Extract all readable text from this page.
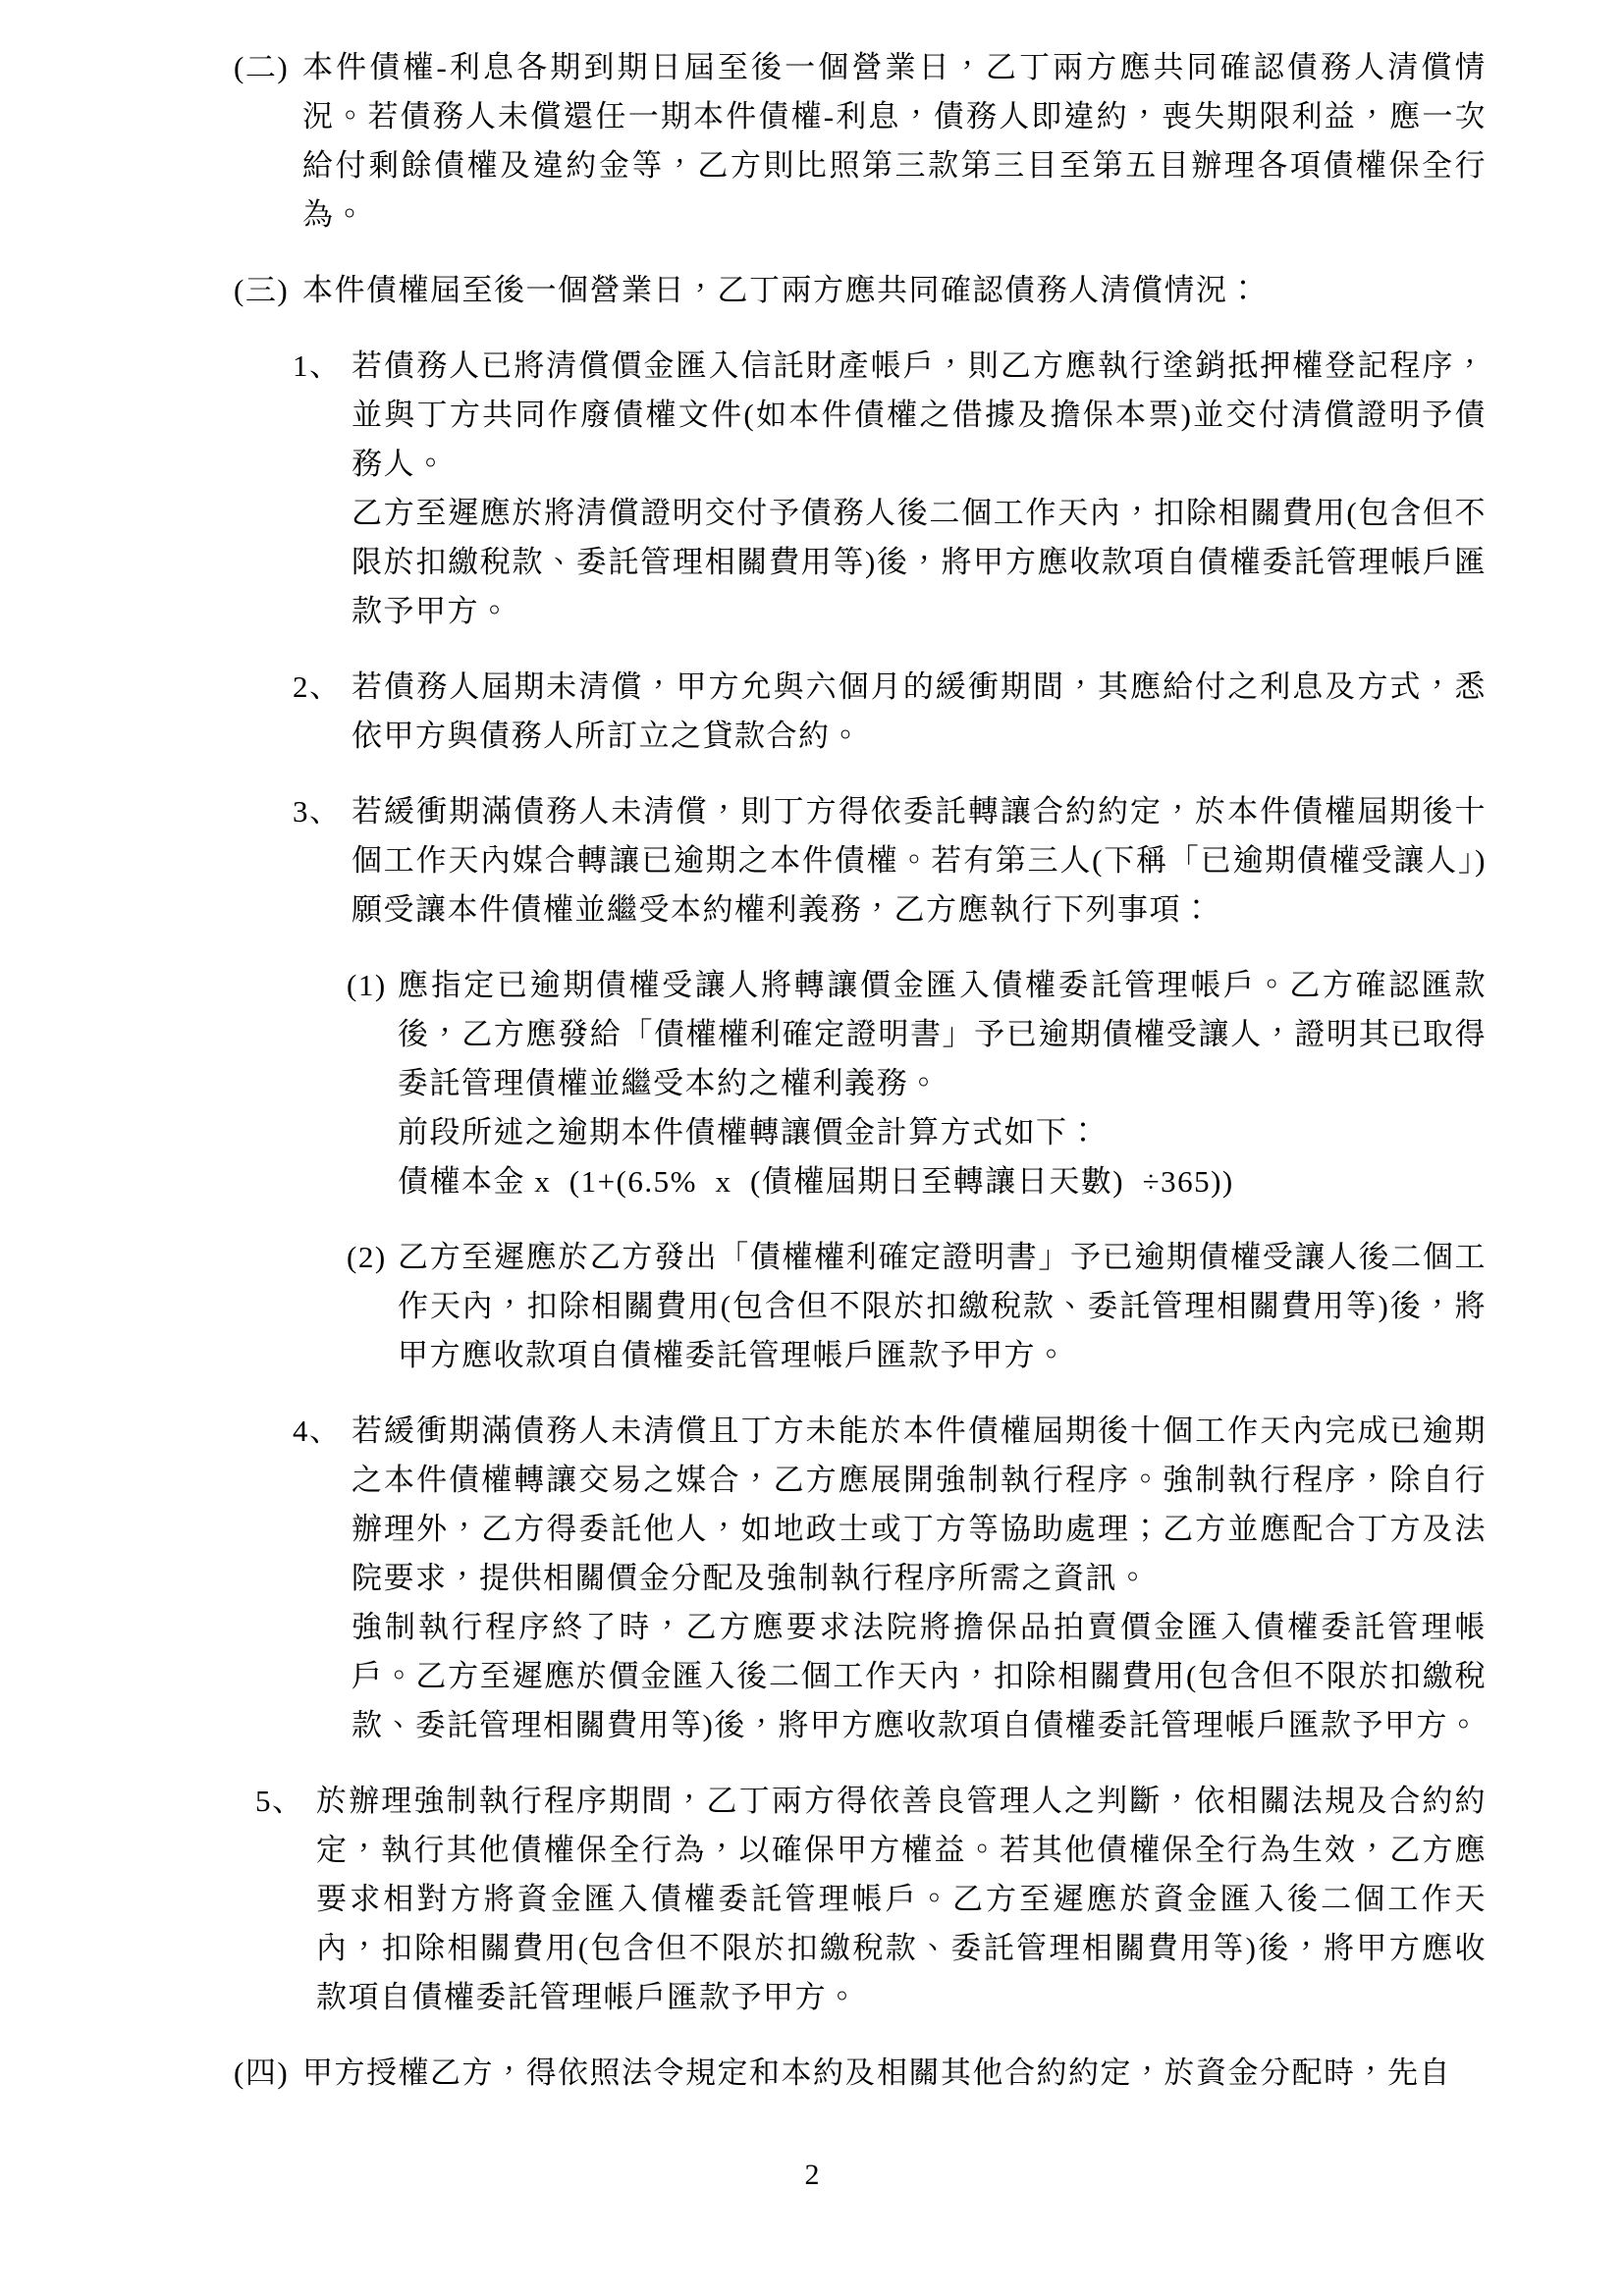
(二) 本件債權-利息各期到期日屆至後一個營業日，乙丁兩方應共同確認債務人清償情況。若債務人未償還任一期本件債權-利息，債務人即違約，喪失期限利益，應一次給付剩餘債權及違約金等，乙方則比照第三款第三目至第五目辦理各項債權保全行為。
(三) 本件債權屆至後一個營業日，乙丁兩方應共同確認債務人清償情況：
1、 若債務人已將清償價金匯入信託財產帳戶，則乙方應執行塗銷抵押權登記程序，並與丁方共同作廢債權文件(如本件債權之借據及擔保本票)並交付清償證明予債務人。
乙方至遲應於將清償證明交付予債務人後二個工作天內，扣除相關費用(包含但不限於扣繳稅款、委託管理相關費用等)後，將甲方應收款項自債權委託管理帳戶匯款予甲方。
2、 若債務人屆期未清償，甲方允與六個月的緩衝期間，其應給付之利息及方式，悉依甲方與債務人所訂立之貸款合約。
3、 若緩衝期滿債務人未清償，則丁方得依委託轉讓合約約定，於本件債權屆期後十個工作天內媒合轉讓已逾期之本件債權。若有第三人(下稱「已逾期債權受讓人」)願受讓本件債權並繼受本約權利義務，乙方應執行下列事項：
(1) 應指定已逾期債權受讓人將轉讓價金匯入債權委託管理帳戶。乙方確認匯款後，乙方應發給「債權權利確定證明書」予已逾期債權受讓人，證明其已取得委託管理債權並繼受本約之權利義務。
前段所述之逾期本件債權轉讓價金計算方式如下：
債權本金 x  (1+(6.5%  x  (債權屆期日至轉讓日天數)  ÷365))
(2) 乙方至遲應於乙方發出「債權權利確定證明書」予已逾期債權受讓人後二個工作天內，扣除相關費用(包含但不限於扣繳稅款、委託管理相關費用等)後，將甲方應收款項自債權委託管理帳戶匯款予甲方。
4、 若緩衝期滿債務人未清償且丁方未能於本件債權屆期後十個工作天內完成已逾期之本件債權轉讓交易之媒合，乙方應展開強制執行程序。強制執行程序，除自行辦理外，乙方得委託他人，如地政士或丁方等協助處理；乙方並應配合丁方及法院要求，提供相關價金分配及強制執行程序所需之資訊。
強制執行程序終了時，乙方應要求法院將擔保品拍賣價金匯入債權委託管理帳戶。乙方至遲應於價金匯入後二個工作天內，扣除相關費用(包含但不限於扣繳稅款、委託管理相關費用等)後，將甲方應收款項自債權委託管理帳戶匯款予甲方。
5、 於辦理強制執行程序期間，乙丁兩方得依善良管理人之判斷，依相關法規及合約約定，執行其他債權保全行為，以確保甲方權益。若其他債權保全行為生效，乙方應要求相對方將資金匯入債權委託管理帳戶。乙方至遲應於資金匯入後二個工作天內，扣除相關費用(包含但不限於扣繳稅款、委託管理相關費用等)後，將甲方應收款項自債權委託管理帳戶匯款予甲方。
(四) 甲方授權乙方，得依照法令規定和本約及相關其他合約約定，於資金分配時，先自
2
